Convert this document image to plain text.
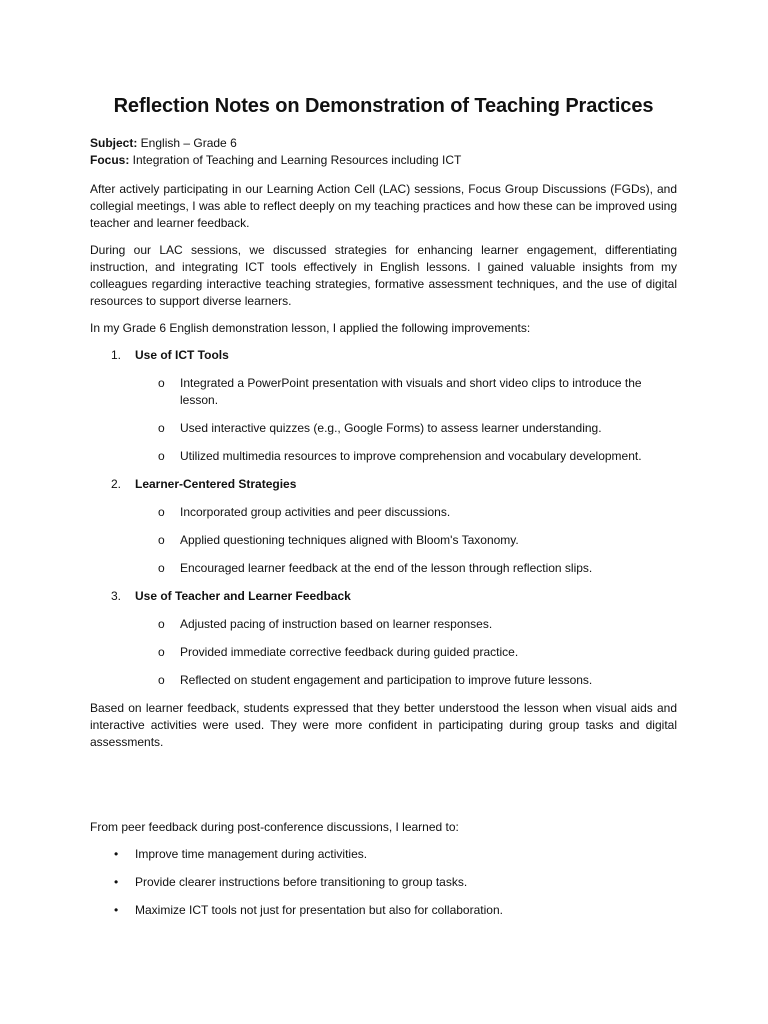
Reflection Notes on Demonstration of Teaching Practices

Subject: English – Grade 6

Focus: Integration of Teaching and Learning Resources including ICT

After actively participating in our Learning Action Cell (LAC) sessions, Focus Group Discussions (FGDs), and collegial meetings, I was able to reflect deeply on my teaching practices and how these can be improved using teacher and learner feedback.

During our LAC sessions, we discussed strategies for enhancing learner engagement, differentiating instruction, and integrating ICT tools effectively in English lessons. I gained valuable insights from my colleagues regarding interactive teaching strategies, formative assessment techniques, and the use of digital resources to support diverse learners.

In my Grade 6 English demonstration lesson, I applied the following improvements:

1. Use of ICT Tools
o Integrated a PowerPoint presentation with visuals and short video clips to introduce the lesson.
o Used interactive quizzes (e.g., Google Forms) to assess learner understanding.
o Utilized multimedia resources to improve comprehension and vocabulary development.
2. Learner-Centered Strategies
o Incorporated group activities and peer discussions.
o Applied questioning techniques aligned with Bloom's Taxonomy.
o Encouraged learner feedback at the end of the lesson through reflection slips.
3. Use of Teacher and Learner Feedback
o Adjusted pacing of instruction based on learner responses.
o Provided immediate corrective feedback during guided practice.
o Reflected on student engagement and participation to improve future lessons.

Based on learner feedback, students expressed that they better understood the lesson when visual aids and interactive activities were used. They were more confident in participating during group tasks and digital assessments.

From peer feedback during post-conference discussions, I learned to:

• Improve time management during activities.
• Provide clearer instructions before transitioning to group tasks.
• Maximize ICT tools not just for presentation but also for collaboration.
